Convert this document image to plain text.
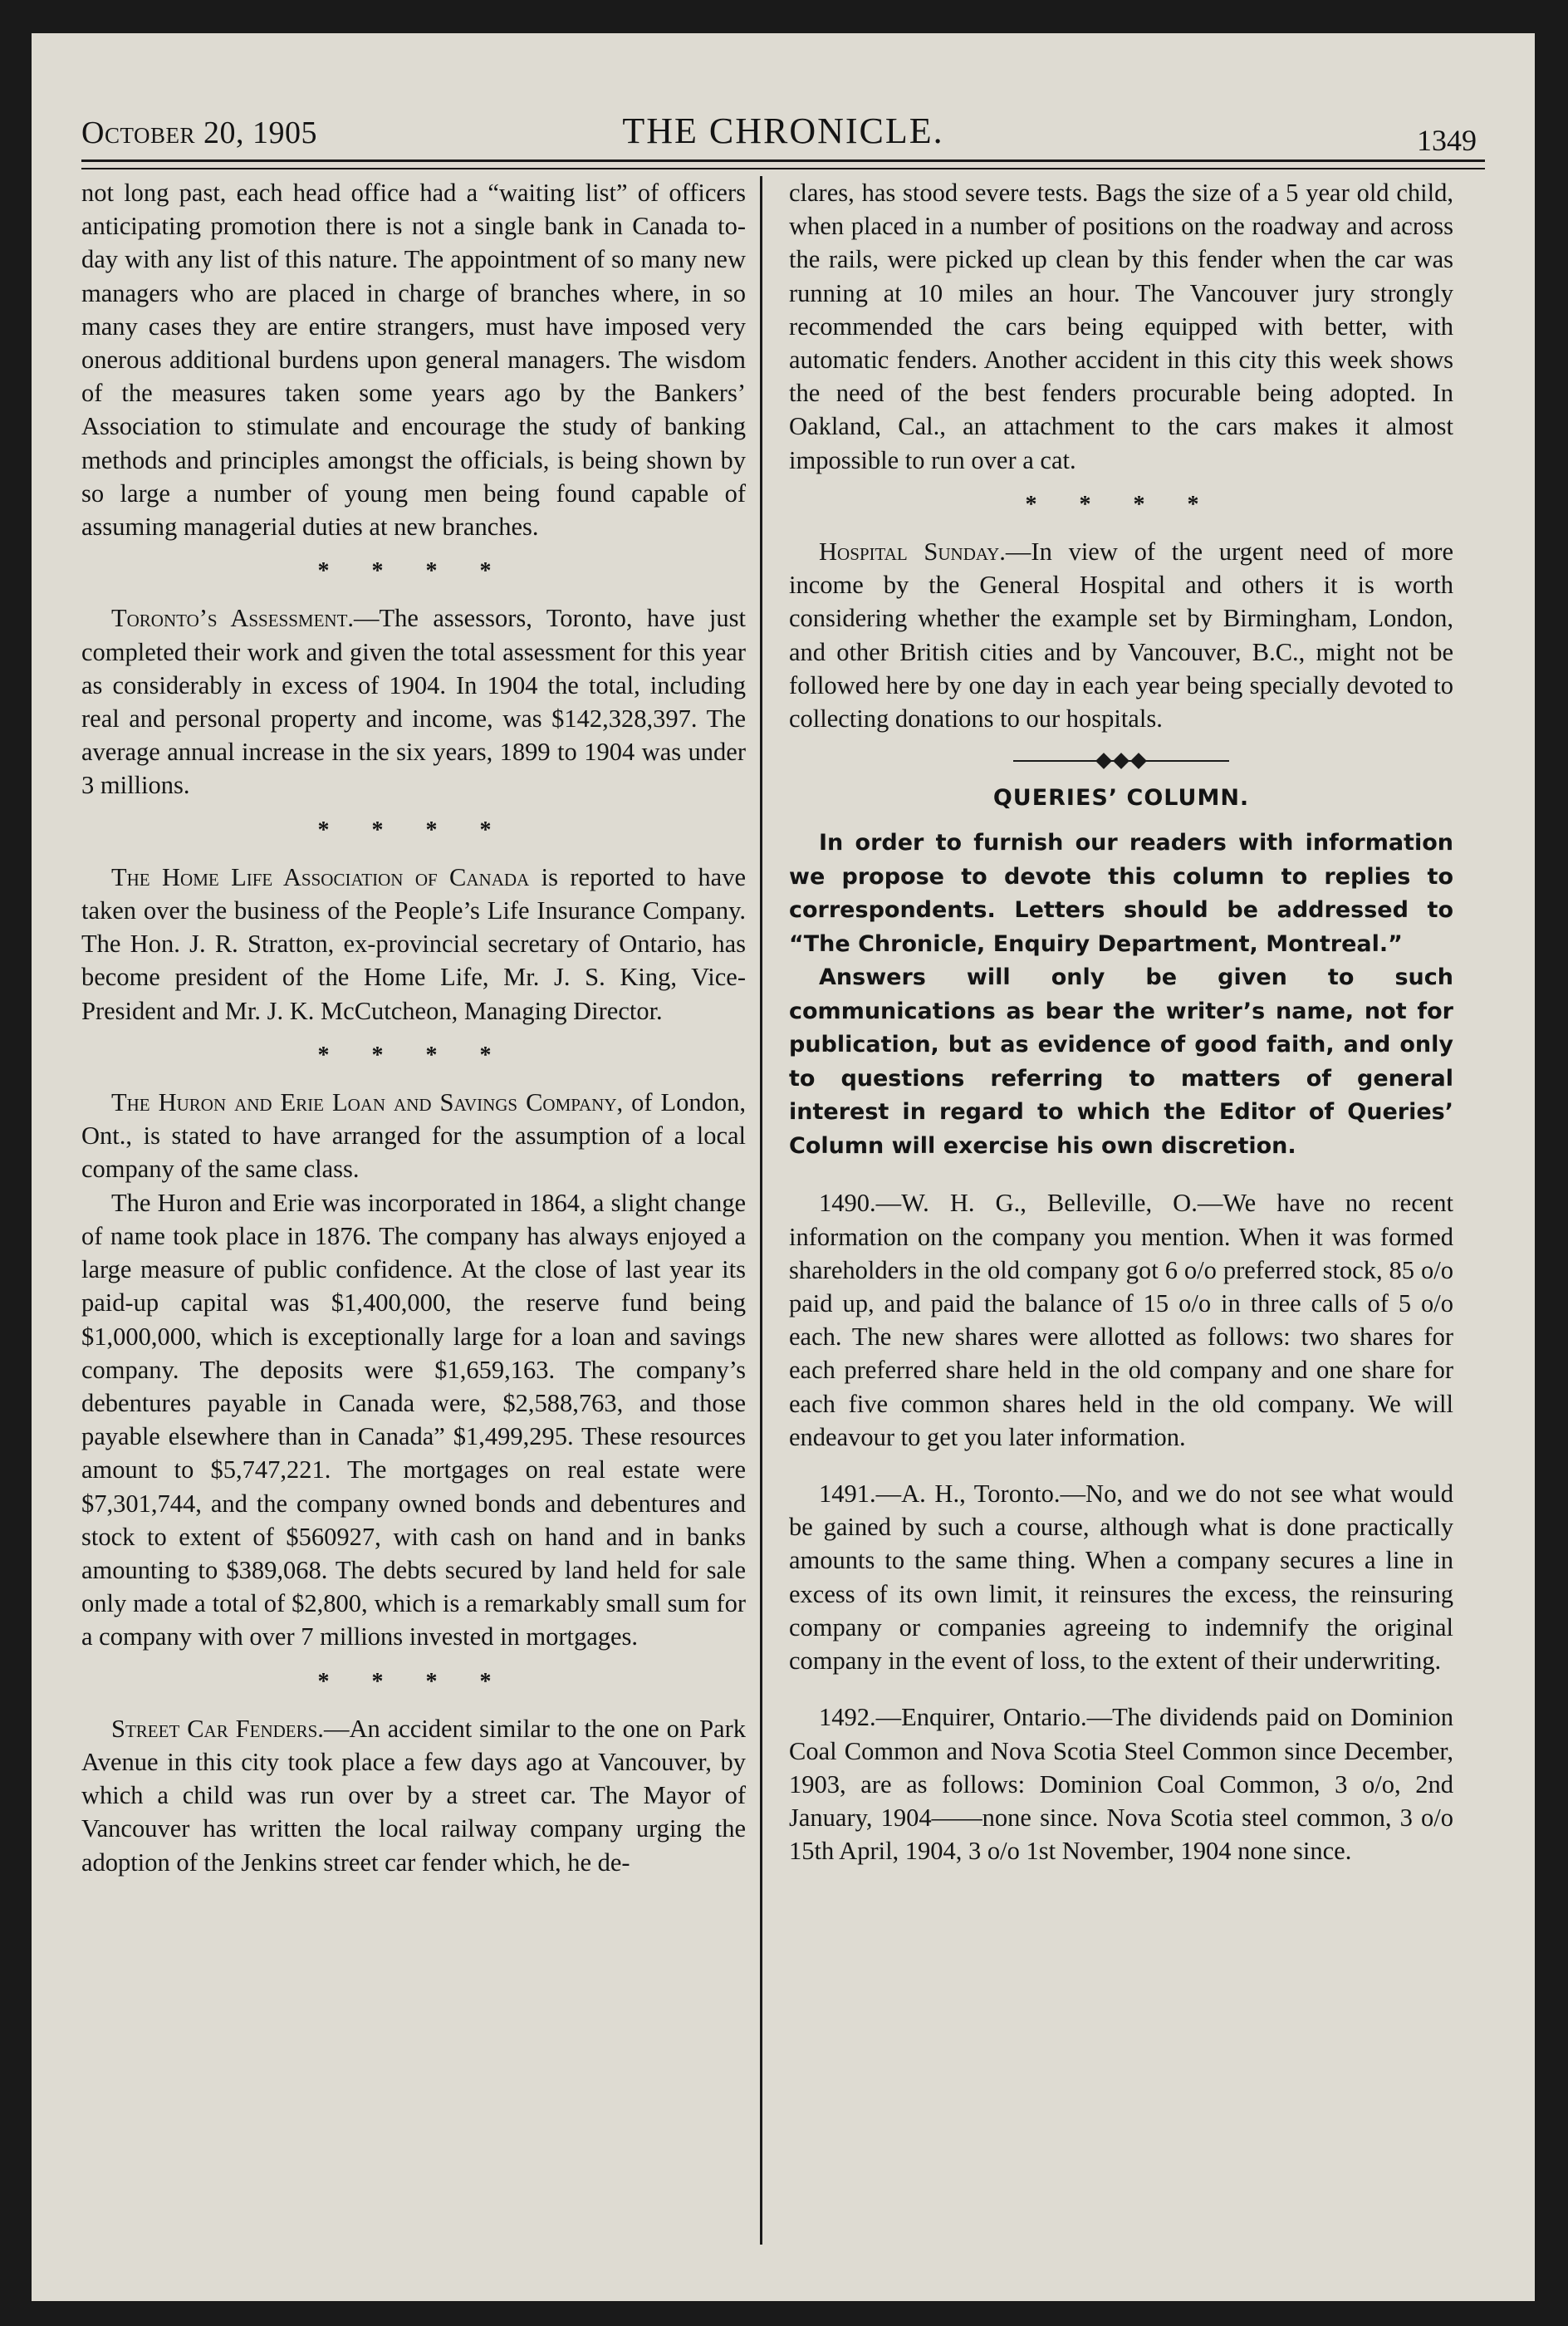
October 20, 1905	THE CHRONICLE.	1349

not long past, each head office had a “waiting list” of officers anticipating promotion there is not a single bank in Canada to-day with any list of this nature. The appointment of so many new managers who are placed in charge of branches where, in so many cases they are entire strangers, must have imposed very onerous additional burdens upon general managers. The wisdom of the measures taken some years ago by the Bankers’ Association to stimulate and encourage the study of banking methods and principles amongst the officials, is being shown by so large a number of young men being found capable of assuming managerial duties at new branches.

* * * *

Toronto’s Assessment.—The assessors, Toronto, have just completed their work and given the total assessment for this year as considerably in excess of 1904. In 1904 the total, including real and personal property and income, was $142,328,397. The average annual increase in the six years, 1899 to 1904 was under 3 millions.

* * * *

The Home Life Association of Canada is reported to have taken over the business of the People’s Life Insurance Company. The Hon. J. R. Stratton, ex-provincial secretary of Ontario, has become president of the Home Life, Mr. J. S. King, Vice-President and Mr. J. K. McCutcheon, Managing Director.

* * * *

The Huron and Erie Loan and Savings Company, of London, Ont., is stated to have arranged for the assumption of a local company of the same class.

The Huron and Erie was incorporated in 1864, a slight change of name took place in 1876. The company has always enjoyed a large measure of public confidence. At the close of last year its paid-up capital was $1,400,000, the reserve fund being $1,000,000, which is exceptionally large for a loan and savings company. The deposits were $1,659,163. The company’s debentures payable in Canada were, $2,588,763, and those payable elsewhere than in Canada” $1,499,295. These resources amount to $5,747,221. The mortgages on real estate were $7,301,744, and the company owned bonds and debentures and stock to extent of $560927, with cash on hand and in banks amounting to $389,068. The debts secured by land held for sale only made a total of $2,800, which is a remarkably small sum for a company with over 7 millions invested in mortgages.

* * * *

Street Car Fenders.—An accident similar to the one on Park Avenue in this city took place a few days ago at Vancouver, by which a child was run over by a street car. The Mayor of Vancouver has written the local railway company urging the adoption of the Jenkins street car fender which, he de-

clares, has stood severe tests. Bags the size of a 5 year old child, when placed in a number of positions on the roadway and across the rails, were picked up clean by this fender when the car was running at 10 miles an hour. The Vancouver jury strongly recommended the cars being equipped with better, with automatic fenders. Another accident in this city this week shows the need of the best fenders procurable being adopted. In Oakland, Cal., an attachment to the cars makes it almost impossible to run over a cat.

* * * *

Hospital Sunday.—In view of the urgent need of more income by the General Hospital and others it is worth considering whether the example set by Birmingham, London, and other British cities and by Vancouver, B.C., might not be followed here by one day in each year being specially devoted to collecting donations to our hospitals.

QUERIES’ COLUMN.

In order to furnish our readers with information we propose to devote this column to replies to correspondents. Letters should be addressed to “The Chronicle, Enquiry Department, Montreal.”

Answers will only be given to such communications as bear the writer’s name, not for publication, but as evidence of good faith, and only to questions referring to matters of general interest in regard to which the Editor of Queries’ Column will exercise his own discretion.

1490.—W. H. G., Belleville, O.—We have no recent information on the company you mention. When it was formed shareholders in the old company got 6 o/o preferred stock, 85 o/o paid up, and paid the balance of 15 o/o in three calls of 5 o/o each. The new shares were allotted as follows: two shares for each preferred share held in the old company and one share for each five common shares held in the old company. We will endeavour to get you later information.

1491.—A. H., Toronto.—No, and we do not see what would be gained by such a course, although what is done practically amounts to the same thing. When a company secures a line in excess of its own limit, it reinsures the excess, the reinsuring company or companies agreeing to indemnify the original company in the event of loss, to the extent of their underwriting.

1492.—Enquirer, Ontario.—The dividends paid on Dominion Coal Common and Nova Scotia Steel Common since December, 1903, are as follows: Dominion Coal Common, 3 o/o, 2nd January, 1904——none since. Nova Scotia steel common, 3 o/o 15th April, 1904, 3 o/o 1st November, 1904 none since.
